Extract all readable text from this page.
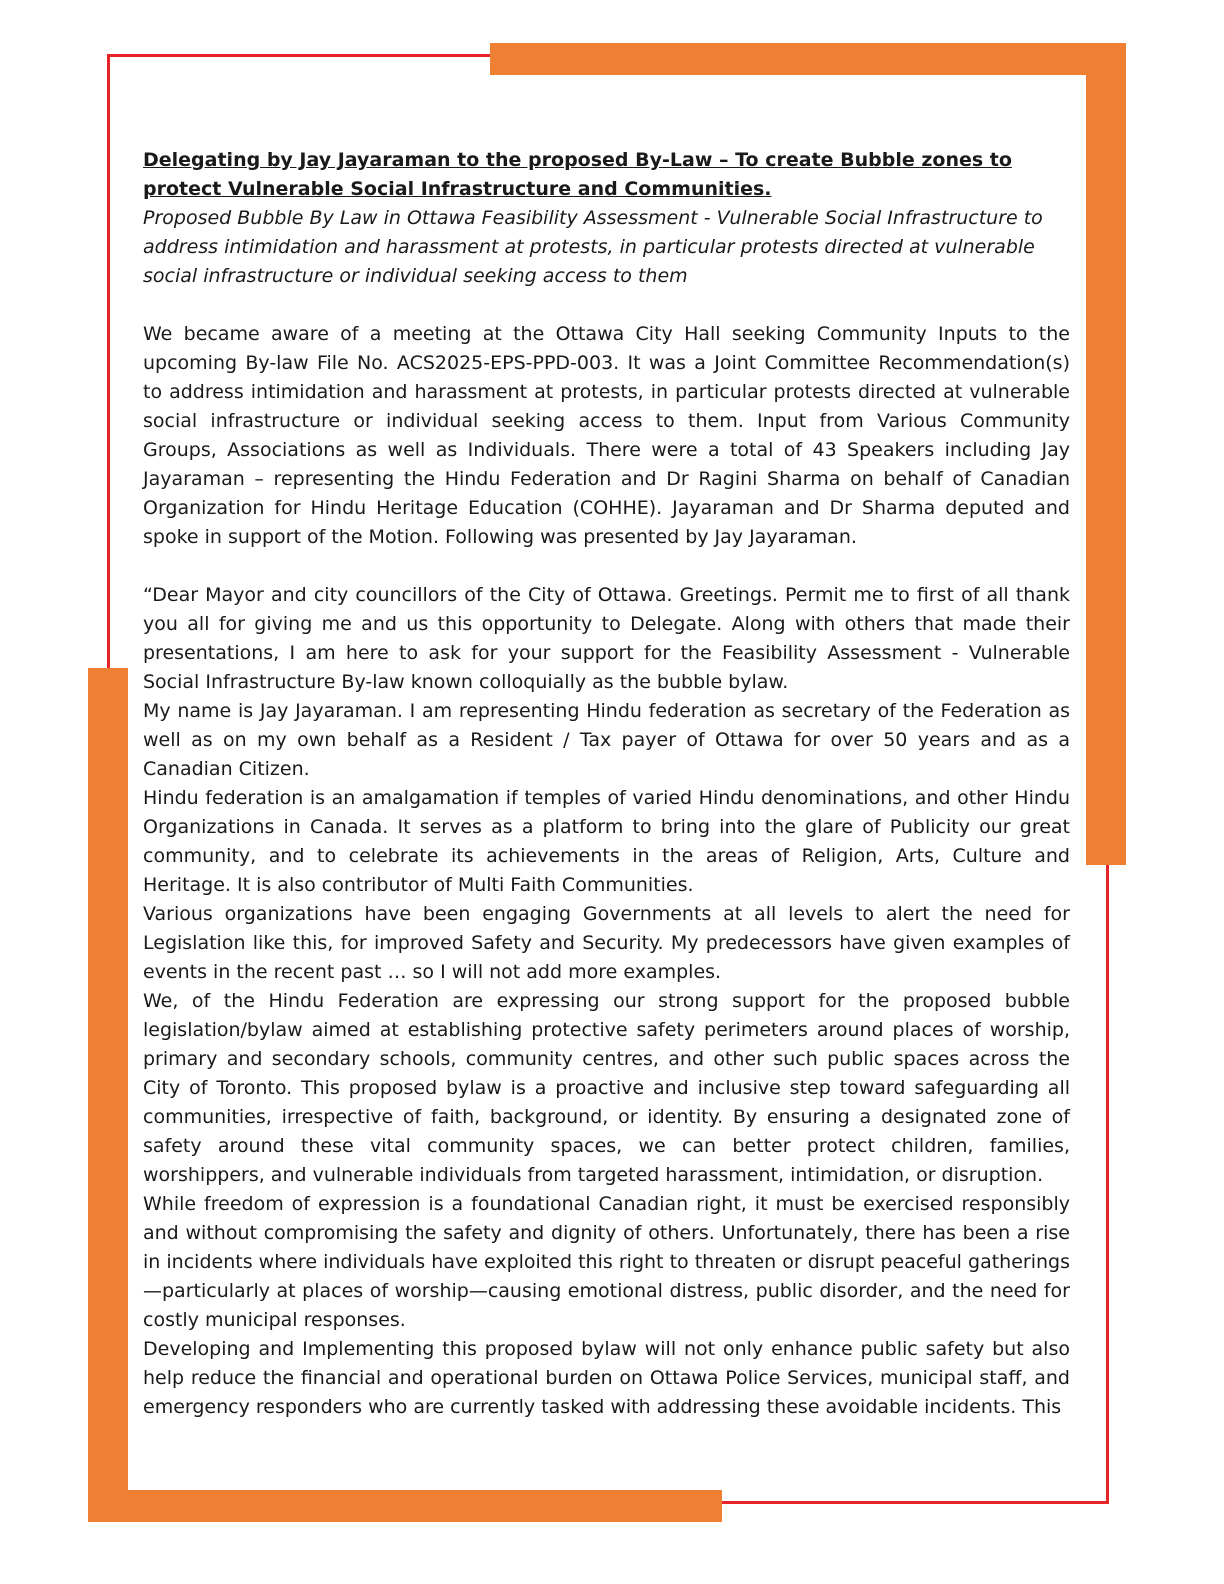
Delegating by Jay Jayaraman to the proposed By-Law – To create Bubble zones to protect Vulnerable Social Infrastructure and Communities.

Proposed Bubble By Law in Ottawa Feasibility Assessment - Vulnerable Social Infrastructure to address intimidation and harassment at protests, in particular protests directed at vulnerable social infrastructure or individual seeking access to them

We became aware of a meeting at the Ottawa City Hall seeking Community Inputs to the upcoming By-law File No. ACS2025-EPS-PPD-003. It was a Joint Committee Recommendation(s) to address intimidation and harassment at protests, in particular protests directed at vulnerable social infrastructure or individual seeking access to them. Input from Various Community Groups, Associations as well as Individuals. There were a total of 43 Speakers including Jay Jayaraman – representing the Hindu Federation and Dr Ragini Sharma on behalf of Canadian Organization for Hindu Heritage Education (COHHE). Jayaraman and Dr Sharma deputed and spoke in support of the Motion. Following was presented by Jay Jayaraman.

“Dear Mayor and city councillors of the City of Ottawa. Greetings. Permit me to first of all thank you all for giving me and us this opportunity to Delegate. Along with others that made their presentations, I am here to ask for your support for the Feasibility Assessment - Vulnerable Social Infrastructure By-law known colloquially as the bubble bylaw.

My name is Jay Jayaraman. I am representing Hindu federation as secretary of the Federation as well as on my own behalf as a Resident / Tax payer of Ottawa for over 50 years and as a Canadian Citizen.

Hindu federation is an amalgamation if temples of varied Hindu denominations, and other Hindu Organizations in Canada. It serves as a platform to bring into the glare of Publicity our great community, and to celebrate its achievements in the areas of Religion, Arts, Culture and Heritage. It is also contributor of Multi Faith Communities.

Various organizations have been engaging Governments at all levels to alert the need for Legislation like this, for improved Safety and Security. My predecessors have given examples of events in the recent past … so I will not add more examples.

We, of the Hindu Federation are expressing our strong support for the proposed bubble legislation/bylaw aimed at establishing protective safety perimeters around places of worship, primary and secondary schools, community centres, and other such public spaces across the City of Toronto. This proposed bylaw is a proactive and inclusive step toward safeguarding all communities, irrespective of faith, background, or identity. By ensuring a designated zone of safety around these vital community spaces, we can better protect children, families, worshippers, and vulnerable individuals from targeted harassment, intimidation, or disruption.

While freedom of expression is a foundational Canadian right, it must be exercised responsibly and without compromising the safety and dignity of others. Unfortunately, there has been a rise in incidents where individuals have exploited this right to threaten or disrupt peaceful gatherings—particularly at places of worship—causing emotional distress, public disorder, and the need for costly municipal responses.

Developing and Implementing this proposed bylaw will not only enhance public safety but also help reduce the financial and operational burden on Ottawa Police Services, municipal staff, and emergency responders who are currently tasked with addressing these avoidable incidents. This
